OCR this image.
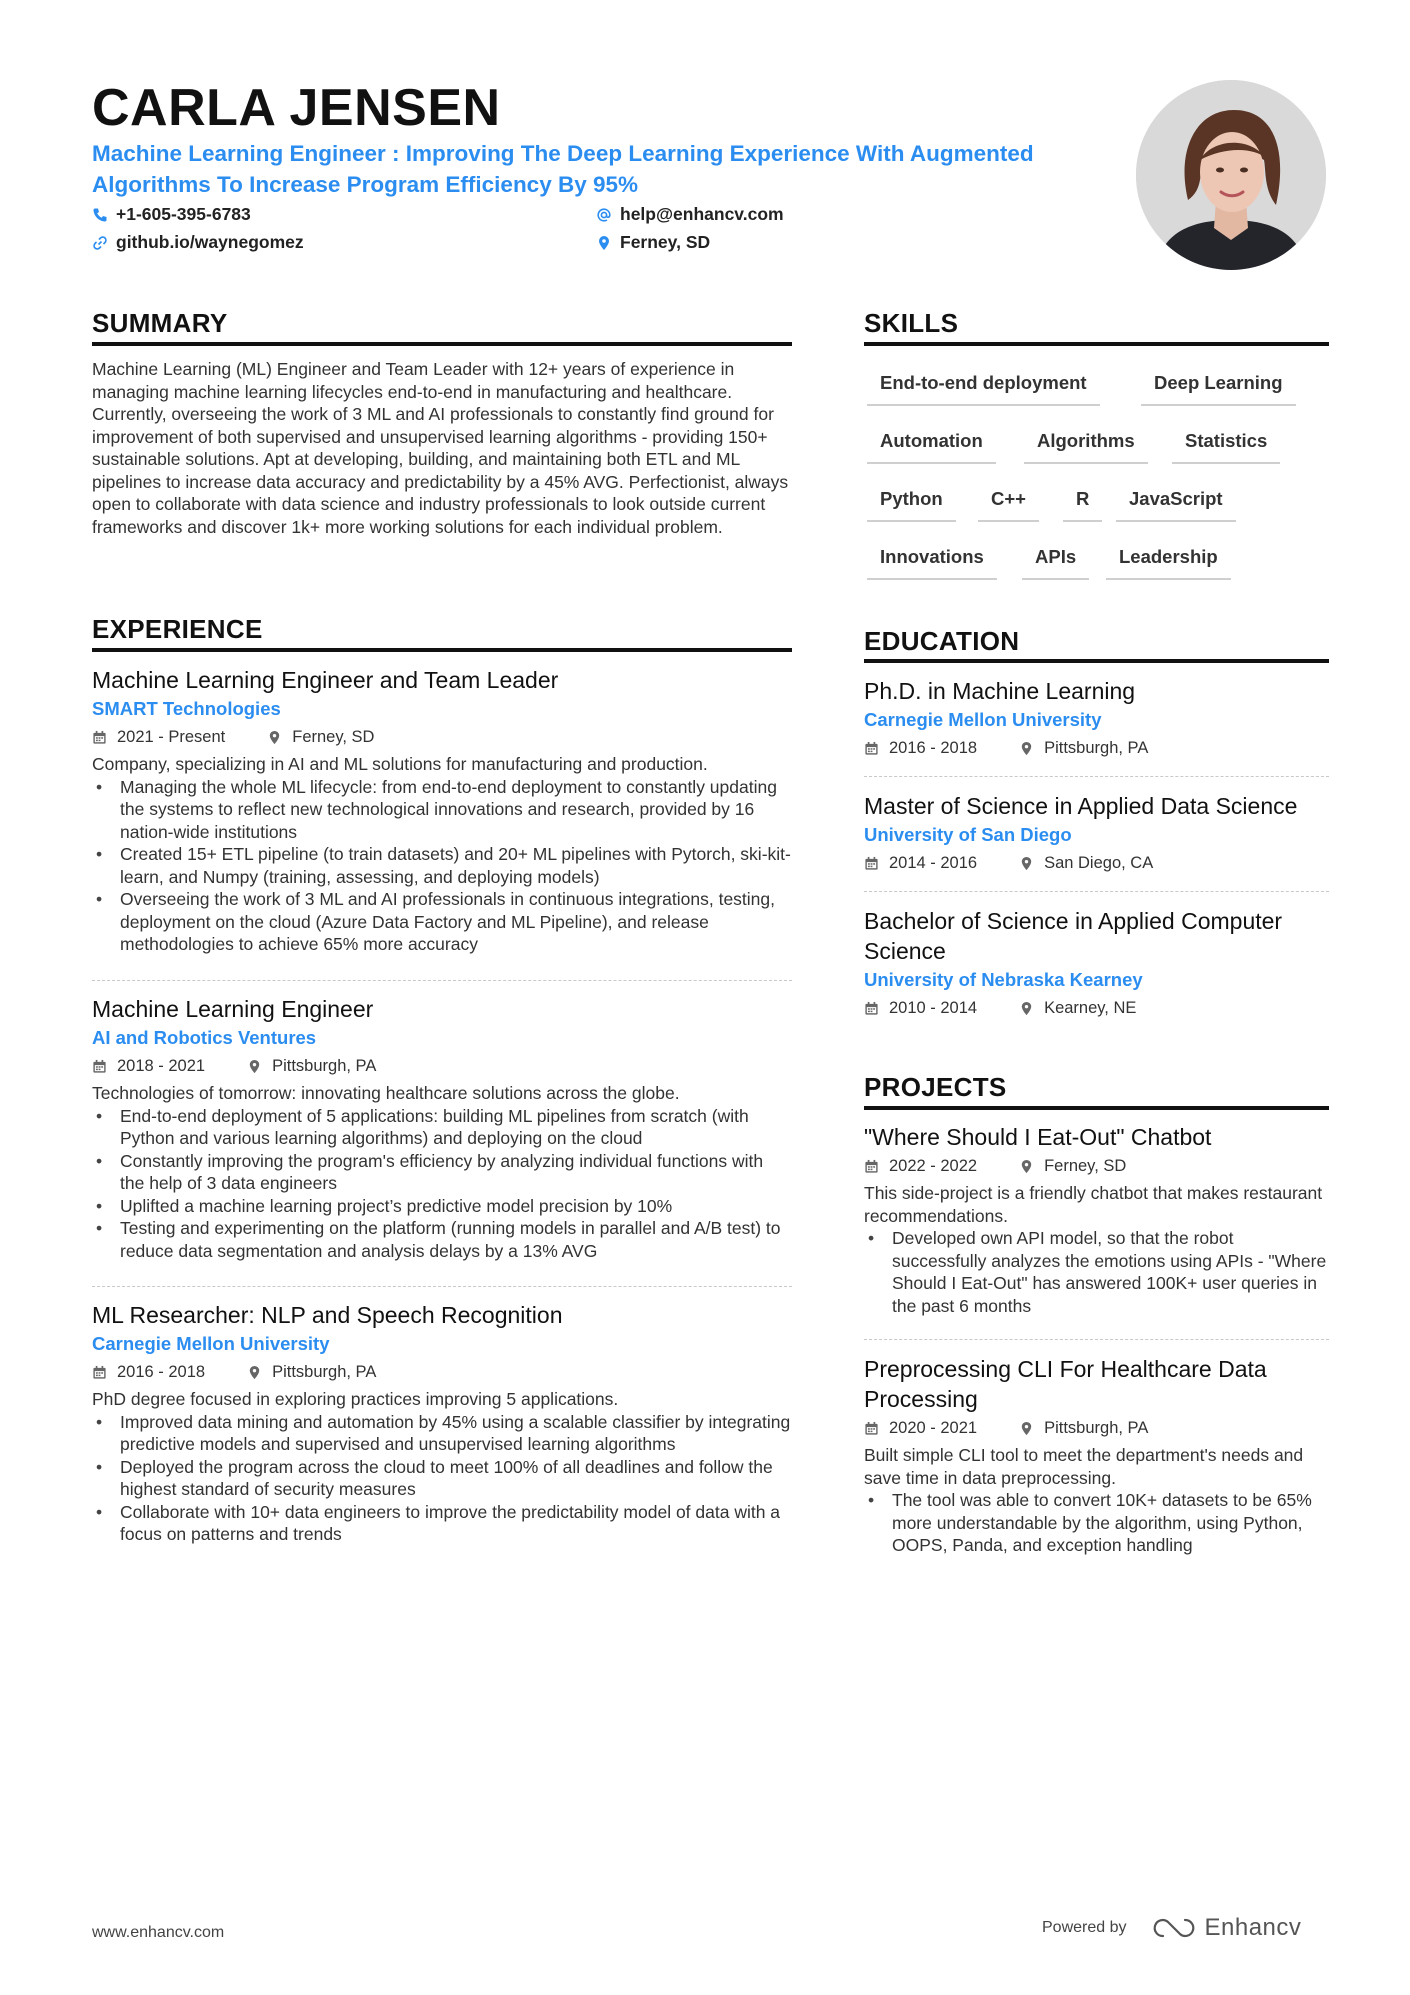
CARLA JENSEN
Machine Learning Engineer : Improving The Deep Learning Experience With Augmented Algorithms To Increase Program Efficiency By 95%
+1-605-395-6783	help@enhancv.com
github.io/waynegomez	Ferney, SD
SUMMARY
Machine Learning (ML) Engineer and Team Leader with 12+ years of experience in managing machine learning lifecycles end-to-end in manufacturing and healthcare. Currently, overseeing the work of 3 ML and AI professionals to constantly find ground for improvement of both supervised and unsupervised learning algorithms - providing 150+ sustainable solutions. Apt at developing, building, and maintaining both ETL and ML pipelines to increase data accuracy and predictability by a 45% AVG. Perfectionist, always open to collaborate with data science and industry professionals to look outside current frameworks and discover 1k+ more working solutions for each individual problem.
EXPERIENCE
Machine Learning Engineer and Team Leader
SMART Technologies
2021 - Present	Ferney, SD
Company, specializing in AI and ML solutions for manufacturing and production.
• Managing the whole ML lifecycle: from end-to-end deployment to constantly updating the systems to reflect new technological innovations and research, provided by 16 nation-wide institutions
• Created 15+ ETL pipeline (to train datasets) and 20+ ML pipelines with Pytorch, ski-kit-learn, and Numpy (training, assessing, and deploying models)
• Overseeing the work of 3 ML and AI professionals in continuous integrations, testing, deployment on the cloud (Azure Data Factory and ML Pipeline), and release methodologies to achieve 65% more accuracy
Machine Learning Engineer
AI and Robotics Ventures
2018 - 2021	Pittsburgh, PA
Technologies of tomorrow: innovating healthcare solutions across the globe.
• End-to-end deployment of 5 applications: building ML pipelines from scratch (with Python and various learning algorithms) and deploying on the cloud
• Constantly improving the program's efficiency by analyzing individual functions with the help of 3 data engineers
• Uplifted a machine learning project’s predictive model precision by 10%
• Testing and experimenting on the platform (running models in parallel and A/B test) to reduce data segmentation and analysis delays by a 13% AVG
ML Researcher: NLP and Speech Recognition
Carnegie Mellon University
2016 - 2018	Pittsburgh, PA
PhD degree focused in exploring practices improving 5 applications.
• Improved data mining and automation by 45% using a scalable classifier by integrating predictive models and supervised and unsupervised learning algorithms
• Deployed the program across the cloud to meet 100% of all deadlines and follow the highest standard of security measures
• Collaborate with 10+ data engineers to improve the predictability model of data with a focus on patterns and trends
SKILLS
End-to-end deployment	Deep Learning
Automation	Algorithms	Statistics
Python	C++	R	JavaScript
Innovations	APIs	Leadership
EDUCATION
Ph.D. in Machine Learning
Carnegie Mellon University
2016 - 2018	Pittsburgh, PA
Master of Science in Applied Data Science
University of San Diego
2014 - 2016	San Diego, CA
Bachelor of Science in Applied Computer Science
University of Nebraska Kearney
2010 - 2014	Kearney, NE
PROJECTS
"Where Should I Eat-Out" Chatbot
2022 - 2022	Ferney, SD
This side-project is a friendly chatbot that makes restaurant recommendations.
• Developed own API model, so that the robot successfully analyzes the emotions using APIs - "Where Should I Eat-Out" has answered 100K+ user queries in the past 6 months
Preprocessing CLI For Healthcare Data Processing
2020 - 2021	Pittsburgh, PA
Built simple CLI tool to meet the department's needs and save time in data preprocessing.
• The tool was able to convert 10K+ datasets to be 65% more understandable by the algorithm, using Python, OOPS, Panda, and exception handling
www.enhancv.com	Powered by	Enhancv
